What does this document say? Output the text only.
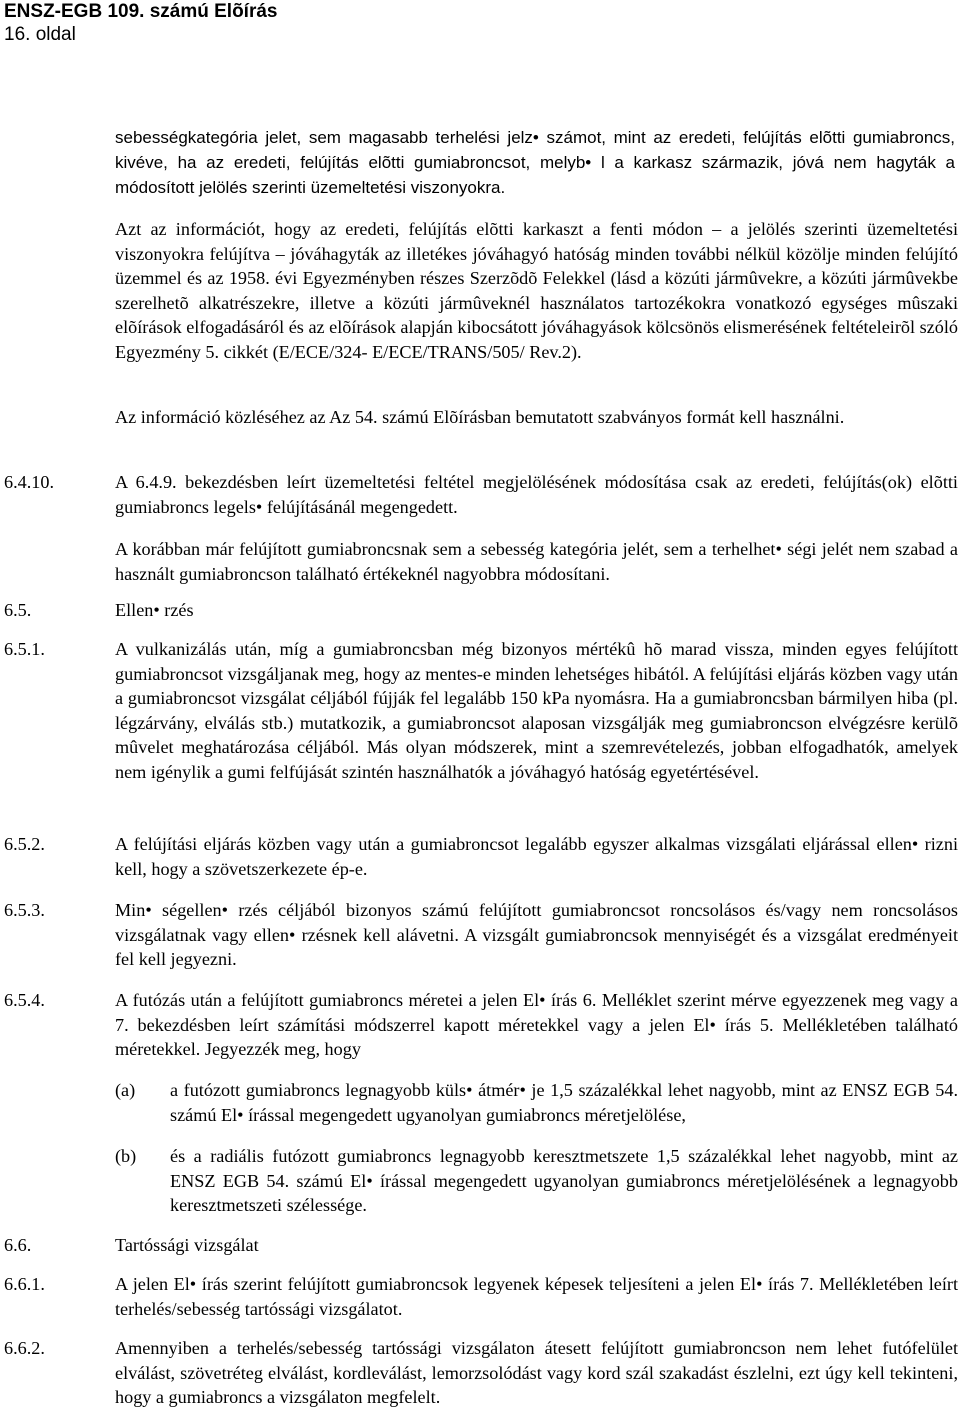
ENSZ-EGB 109. számú Elõírás
16. oldal

sebességkategória jelet, sem magasabb terhelési jelz• számot, mint az eredeti, felújítás elõtti gumiabroncs, kivéve, ha az eredeti, felújítás elõtti gumiabroncsot, melyb• l a karkasz származik, jóvá nem hagyták a módosított jelölés szerinti üzemeltetési viszonyokra.

Azt az információt, hogy az eredeti, felújítás elõtti karkaszt a fenti módon – a jelölés szerinti üzemeltetési viszonyokra felújítva – jóváhagyták az illetékes jóváhagyó hatóság minden további nélkül közölje minden felújító üzemmel és az 1958. évi Egyezményben részes Szerzõdõ Felekkel (lásd a közúti jármûvekre, a közúti jármûvekbe szerelhetõ alkatrészekre, illetve a közúti jármûveknél használatos tartozékokra vonatkozó egységes mûszaki elõírások elfogadásáról és az elõírások alapján kibocsátott jóváhagyások kölcsönös elismerésének feltételeirõl szóló Egyezmény 5. cikkét (E/ECE/324- E/ECE/TRANS/505/ Rev.2).

Az információ közléséhez az Az 54. számú Elõírásban bemutatott szabványos formát kell használni.

6.4.10.	A 6.4.9. bekezdésben leírt üzemeltetési feltétel megjelölésének módosítása csak az eredeti, felújítás(ok) elõtti gumiabroncs legels• felújításánál megengedett.

A korábban már felújított gumiabroncsnak sem a sebesség kategória jelét, sem a terhelhet• ségi jelét nem szabad a használt gumiabroncson található értékeknél nagyobbra módosítani.

6.5.	Ellen• rzés
6.5.1.	A vulkanizálás után, míg a gumiabroncsban még bizonyos mértékû hõ marad vissza, minden egyes felújított gumiabroncsot vizsgáljanak meg, hogy az mentes-e minden lehetséges hibától. A felújítási eljárás közben vagy után a gumiabroncsot vizsgálat céljából fújják fel legalább 150 kPa nyomásra. Ha a gumiabroncsban bármilyen hiba (pl. légzárvány, elválás stb.) mutatkozik, a gumiabroncsot alaposan vizsgálják meg gumiabroncson elvégzésre kerülõ mûvelet meghatározása céljából. Más olyan módszerek, mint a szemrevételezés, jobban elfogadhatók, amelyek nem igénylik a gumi felfújását szintén használhatók a jóváhagyó hatóság egyetértésével.

6.5.2.	A felújítási eljárás közben vagy után a gumiabroncsot legalább egyszer alkalmas vizsgálati eljárással ellen• rizni kell, hogy a szövetszerkezete ép-e.

6.5.3.	Min• ségellen• rzés céljából bizonyos számú felújított gumiabroncsot roncsolásos és/vagy nem roncsolásos vizsgálatnak vagy ellen• rzésnek kell alávetni. A vizsgált gumiabroncsok mennyiségét és a vizsgálat eredményeit fel kell jegyezni.

6.5.4.	A futózás után a felújított gumiabroncs méretei a jelen El• írás 6. Melléklet szerint mérve egyezzenek meg vagy a 7. bekezdésben leírt számítási módszerrel kapott méretekkel vagy a jelen El• írás 5. Mellékletében található méretekkel. Jegyezzék meg, hogy

(a) a futózott gumiabroncs legnagyobb küls• átmér• je 1,5 százalékkal lehet nagyobb, mint az ENSZ EGB 54. számú El• írással megengedett ugyanolyan gumiabroncs méretjelölése,

(b) és a radiális futózott gumiabroncs legnagyobb keresztmetszete 1,5 százalékkal lehet nagyobb, mint az ENSZ EGB 54. számú El• írással megengedett ugyanolyan gumiabroncs méretjelölésének a legnagyobb keresztmetszeti szélessége.

6.6.	Tartóssági vizsgálat
6.6.1.	A jelen El• írás szerint felújított gumiabroncsok legyenek képesek teljesíteni a jelen El• írás 7. Mellékletében leírt terhelés/sebesség tartóssági vizsgálatot.

6.6.2.	Amennyiben a terhelés/sebesség tartóssági vizsgálaton átesett felújított gumiabroncson nem lehet futófelület elválást, szövetréteg elválást, kordleválást, lemorzsolódást vagy kord szál szakadást észlelni, ezt úgy kell tekinteni, hogy a gumiabroncs a vizsgálaton megfelelt.
